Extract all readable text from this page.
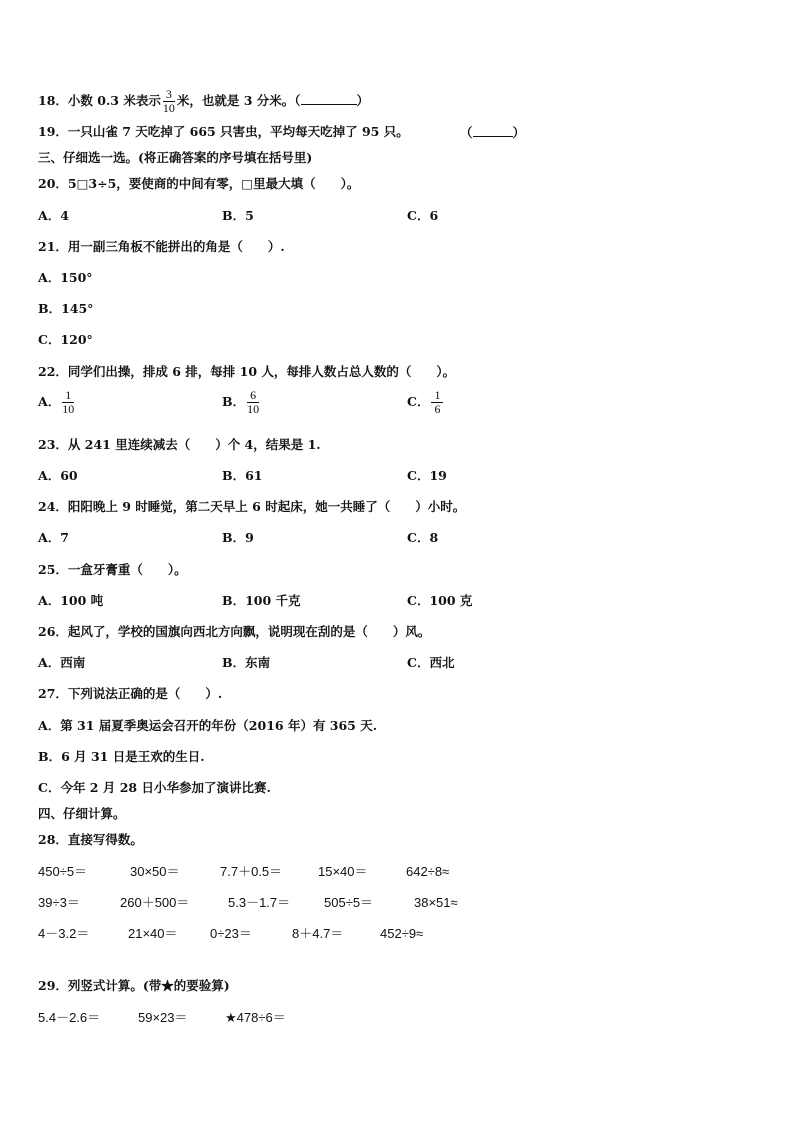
18．小数 0.3 米表示 $\frac{3}{10}$ 米，也就是 3 分米。（	）
19．一只山雀 7 天吃掉了 665 只害虫，平均每天吃掉了 95 只。	（	）
三、仔细选一选。(将正确答案的序号填在括号里)
20．5□3÷5，要使商的中间有零，□里最大填（　　）。
A．4	B．5	C．6
21．用一副三角板不能拼出的角是（　　）.
A．150°
B．145°
C．120°
22．同学们出操，排成 6 排，每排 10 人，每排人数占总人数的（　　）。
A． $\frac{1}{10}$	B． $\frac{6}{10}$	C． $\frac{1}{6}$
23．从 241 里连续减去（　　）个 4，结果是 1.
A．60	B．61	C．19
24．阳阳晚上 9 时睡觉，第二天早上 6 时起床，她一共睡了（　　）小时。
A．7	B．9	C．8
25．一盒牙膏重（　　）。
A．100 吨	B．100 千克	C．100 克
26．起风了，学校的国旗向西北方向飘，说明现在刮的是（　　）风。
A．西南	B．东南	C．西北
27．下列说法正确的是（　　）.
A．第 31 届夏季奥运会召开的年份（2016 年）有 365 天.
B．6 月 31 日是王欢的生日.
C．今年 2 月 28 日小华参加了演讲比赛.
四、仔细计算。
28．直接写得数。
450÷5＝	30×50＝	7.7＋0.5＝	15×40＝	642÷8≈
39÷3＝	260＋500＝	5.3－1.7＝	505÷5＝	38×51≈
4－3.2＝	21×40＝ 0÷23＝	8＋4.7＝	452÷9≈
29．列竖式计算。(带★的要验算)
5.4－2.6＝	59×23＝	★478÷6＝
